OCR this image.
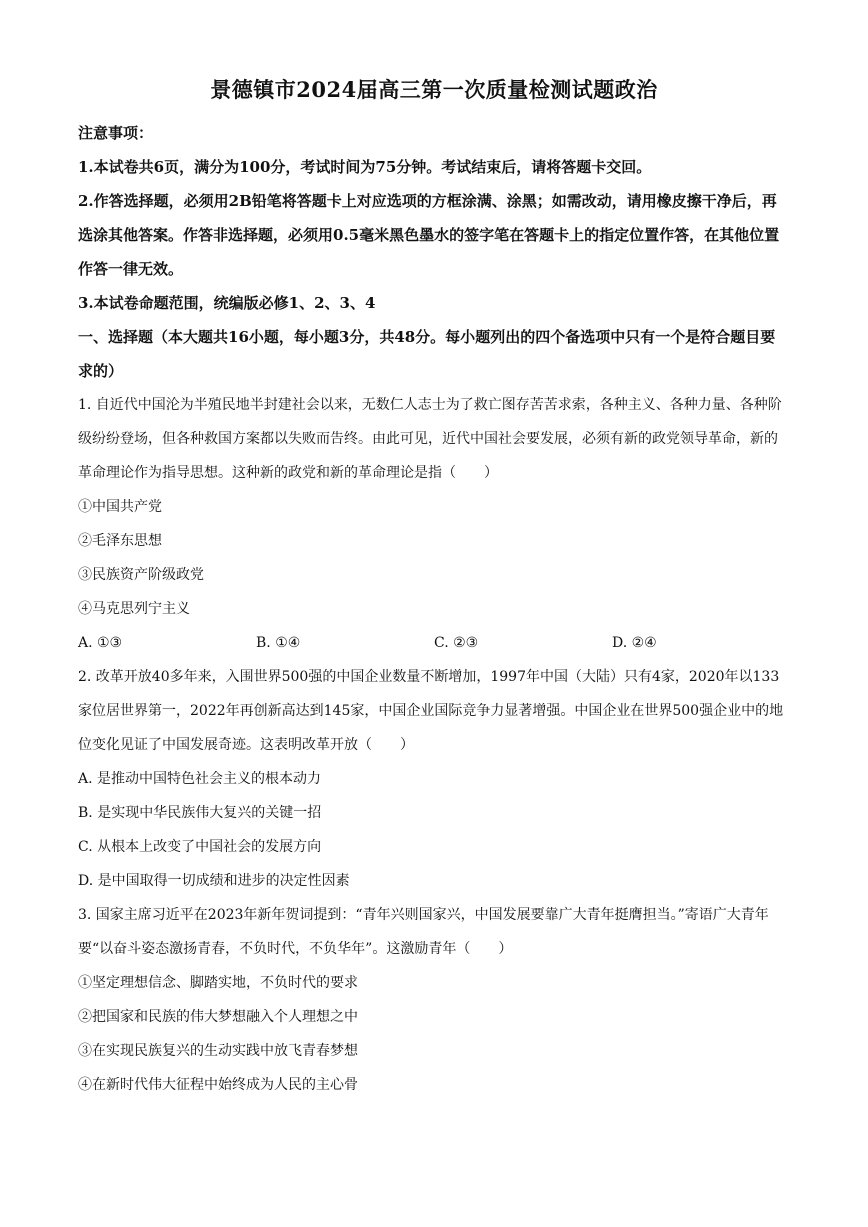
景德镇市2024届高三第一次质量检测试题政治

注意事项：

1.本试卷共6页，满分为100分，考试时间为75分钟。考试结束后，请将答题卡交回。

2.作答选择题，必须用2B铅笔将答题卡上对应选项的方框涂满、涂黑；如需改动，请用橡皮擦干净后，再选涂其他答案。作答非选择题，必须用0.5毫米黑色墨水的签字笔在答题卡上的指定位置作答，在其他位置作答一律无效。

3.本试卷命题范围，统编版必修1、2、3、4

一、选择题（本大题共16小题，每小题3分，共48分。每小题列出的四个备选项中只有一个是符合题目要求的）

1. 自近代中国沦为半殖民地半封建社会以来，无数仁人志士为了救亡图存苦苦求索，各种主义、各种力量、各种阶级纷纷登场，但各种救国方案都以失败而告终。由此可见，近代中国社会要发展，必须有新的政党领导革命，新的革命理论作为指导思想。这种新的政党和新的革命理论是指（　　）

①中国共产党

②毛泽东思想

③民族资产阶级政党

④马克思列宁主义

A. ①③	B. ①④	C. ②③	D. ②④

2. 改革开放40多年来，入围世界500强的中国企业数量不断增加，1997年中国（大陆）只有4家，2020年以133家位居世界第一，2022年再创新高达到145家，中国企业国际竞争力显著增强。中国企业在世界500强企业中的地位变化见证了中国发展奇迹。这表明改革开放（　　）

A. 是推动中国特色社会主义的根本动力

B. 是实现中华民族伟大复兴的关键一招

C. 从根本上改变了中国社会的发展方向

D. 是中国取得一切成绩和进步的决定性因素

3. 国家主席习近平在2023年新年贺词提到：“青年兴则国家兴，中国发展要靠广大青年挺膺担当。”寄语广大青年要“以奋斗姿态激扬青春，不负时代，不负华年”。这激励青年（　　）

①坚定理想信念、脚踏实地，不负时代的要求

②把国家和民族的伟大梦想融入个人理想之中

③在实现民族复兴的生动实践中放飞青春梦想

④在新时代伟大征程中始终成为人民的主心骨
